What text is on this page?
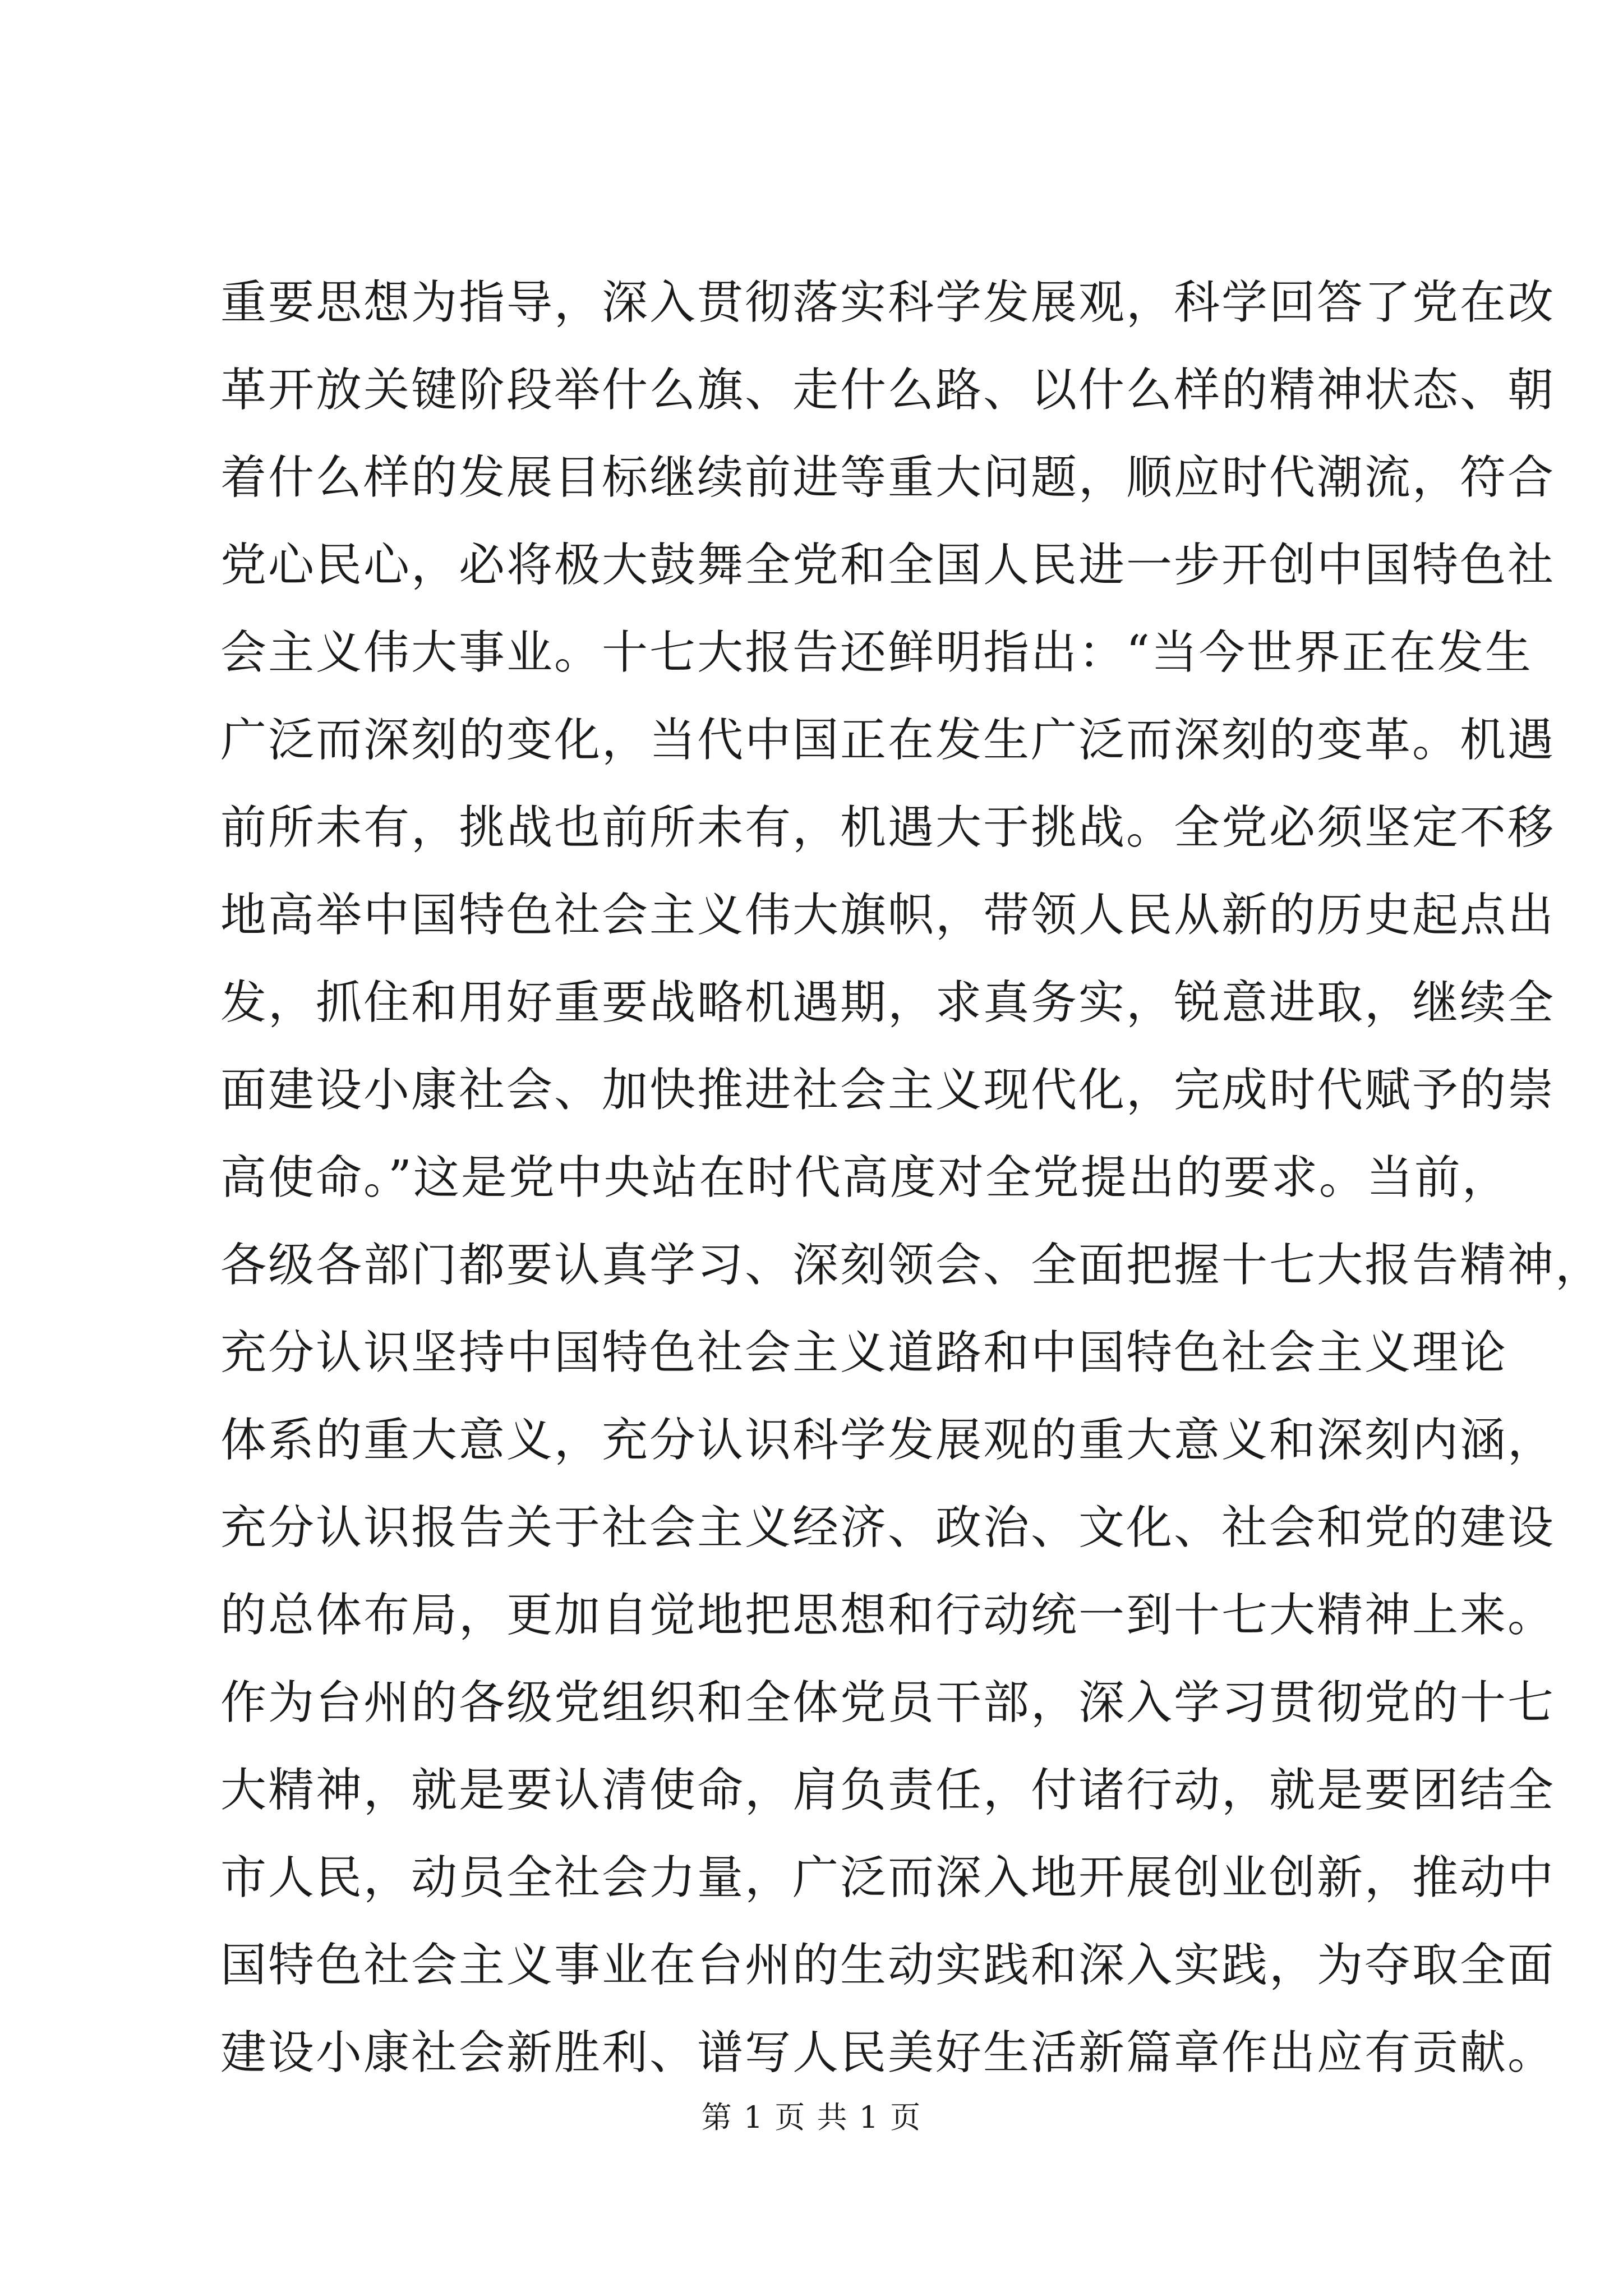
重要思想为指导，深入贯彻落实科学发展观，科学回答了党在改
革开放关键阶段举什么旗、走什么路、以什么样的精神状态、朝
着什么样的发展目标继续前进等重大问题，顺应时代潮流，符合
党心民心，必将极大鼓舞全党和全国人民进一步开创中国特色社
会主义伟大事业。十七大报告还鲜明指出：“当今世界正在发生
广泛而深刻的变化，当代中国正在发生广泛而深刻的变革。机遇
前所未有，挑战也前所未有，机遇大于挑战。全党必须坚定不移
地高举中国特色社会主义伟大旗帜，带领人民从新的历史起点出
发，抓住和用好重要战略机遇期，求真务实，锐意进取，继续全
面建设小康社会、加快推进社会主义现代化，完成时代赋予的崇
高使命。”这是党中央站在时代高度对全党提出的要求。当前，
各级各部门都要认真学习、深刻领会、全面把握十七大报告精神，
充分认识坚持中国特色社会主义道路和中国特色社会主义理论
体系的重大意义，充分认识科学发展观的重大意义和深刻内涵，
充分认识报告关于社会主义经济、政治、文化、社会和党的建设
的总体布局，更加自觉地把思想和行动统一到十七大精神上来。
作为台州的各级党组织和全体党员干部，深入学习贯彻党的十七
大精神，就是要认清使命，肩负责任，付诸行动，就是要团结全
市人民，动员全社会力量，广泛而深入地开展创业创新，推动中
国特色社会主义事业在台州的生动实践和深入实践，为夺取全面
建设小康社会新胜利、谱写人民美好生活新篇章作出应有贡献。
第 1 页 共 1 页
